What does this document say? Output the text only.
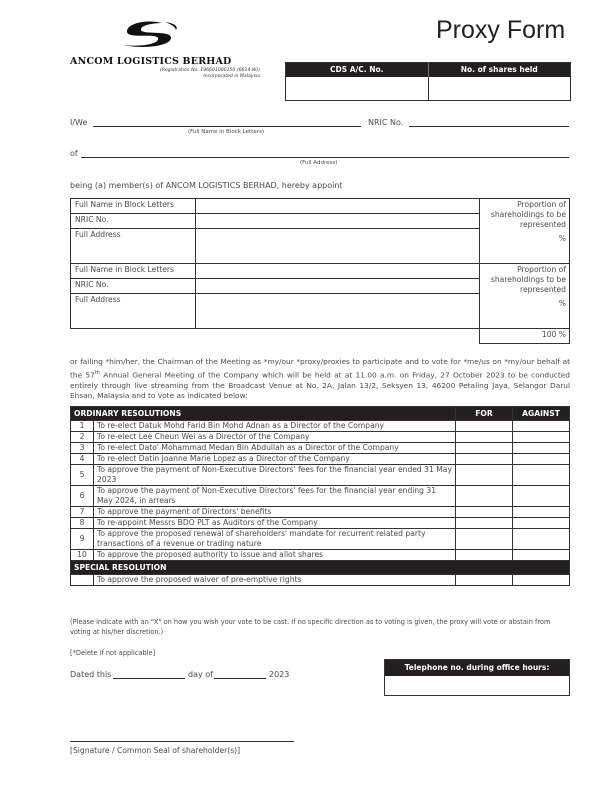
ANCOM LOGISTICS BERHAD
(Registration No. 196601000150 (6614-W))
Incorporated in Malaysia
Proxy Form
CDS A/C. No.	No. of shares held
I/We
(Full Name in Block Letters)
NRIC No.
of
(Full Address)
being (a) member(s) of ANCOM LOGISTICS BERHAD, hereby appoint
Full Name in Block Letters		Proportion of shareholdings to be represented
%

NRIC No.		
Full Address		
Full Name in Block Letters		Proportion of shareholdings to be represented
%

NRIC No.		
Full Address		
		100 %
or failing *him/her, the Chairman of the Meeting as *my/our *proxy/proxies to participate and to vote for *me/us on *my/our behalf at the 57th Annual General Meeting of the Company which will be held at at 11.00 a.m. on Friday, 27 October 2023 to be conducted entirely through live streaming from the Broadcast Venue at No. 2A, Jalan 13/2, Seksyen 13, 46200 Petaling Jaya, Selangor Darul Ehsan, Malaysia and to vote as indicated below:
ORDINARY RESOLUTIONS		FOR	AGAINST
1	To re-elect Datuk Mohd Farid Bin Mohd Adnan as a Director of the Company		
2	To re-elect Lee Cheun Wei as a Director of the Company		
3	To re-elect Dato' Mohammad Medan Bin Abdullah as a Director of the Company		
4	To re-elect Datin Joanne Marie Lopez as a Director of the Company		
5	To approve the payment of Non-Executive Directors' fees for the financial year ended 31 May 2023		
6	To approve the payment of Non-Executive Directors' fees for the financial year ending 31 May 2024, in arrears		
7	To approve the payment of Directors' benefits		
8	To re-appoint Messrs BDO PLT as Auditors of the Company		
9	To approve the proposed renewal of shareholders' mandate for recurrent related party transactions of a revenue or trading nature		
10	To approve the proposed authority to issue and allot shares		
SPECIAL RESOLUTION			
	To approve the proposed waiver of pre-emptive rights		
(Please indicate with an "X" on how you wish your vote to be cast. If no specific direction as to voting is given, the proxy will vote or abstain from voting at his/her discretion.)
[*Delete if not applicable]
Dated this	day of	2023
Telephone no. during office hours:
[Signature / Common Seal of shareholder(s)]
